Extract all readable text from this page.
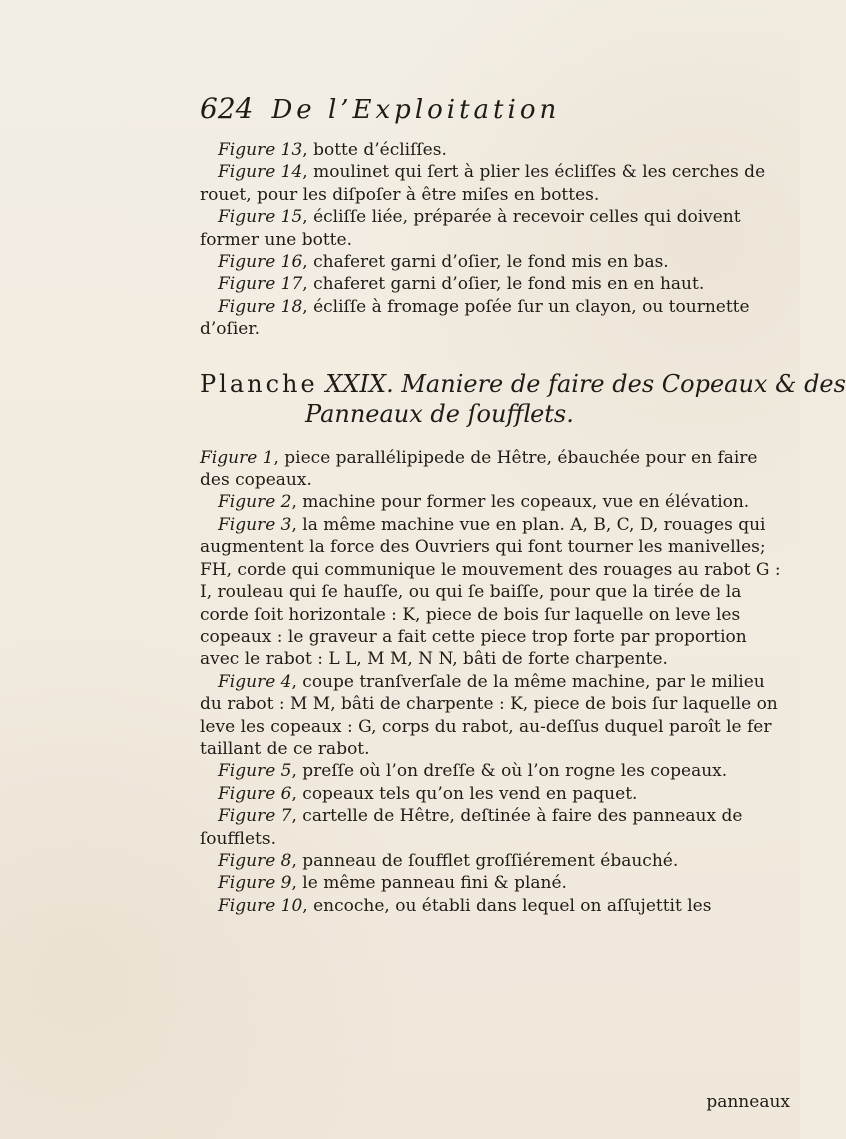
624 De l’Exploitation

Figure 13, botte d’écliſſes.

Figure 14, moulinet qui ſert à plier les écliſſes & les cerches de rouet, pour les diſpoſer à être miſes en bottes.

Figure 15, écliſſe liée, préparée à recevoir celles qui doivent former une botte.

Figure 16, chaferet garni d’oſier, le fond mis en bas.

Figure 17, chaferet garni d’oſier, le fond mis en en haut.

Figure 18, écliſſe à fromage poſée ſur un clayon, ou tournette d’oſier.

Planche XXIX. Maniere de faire des Copeaux & des
Panneaux de ſoufflets.

Figure 1, piece parallélipipede de Hêtre, ébauchée pour en faire des copeaux.

Figure 2, machine pour former les copeaux, vue en élévation.

Figure 3, la même machine vue en plan. A, B, C, D, rouages qui augmentent la force des Ouvriers qui font tourner les manivelles; FH, corde qui communique le mouvement des rouages au rabot G : I, rouleau qui ſe hauſſe, ou qui ſe baiſſe, pour que la tirée de la corde ſoit horizontale : K, piece de bois ſur laquelle on leve les copeaux : le graveur a fait cette piece trop forte par proportion avec le rabot : L L, M M, N N, bâti de forte charpente.

Figure 4, coupe tranſverſale de la même machine, par le milieu du rabot : M M, bâti de charpente : K, piece de bois ſur laquelle on leve les copeaux : G, corps du rabot, au-deſſus duquel paroît le fer taillant de ce rabot.

Figure 5, preſſe où l’on dreſſe & où l’on rogne les copeaux.

Figure 6, copeaux tels qu’on les vend en paquet.

Figure 7, cartelle de Hêtre, deſtinée à faire des panneaux de ſoufflets.

Figure 8, panneau de ſoufflet groſſiérement ébauché.

Figure 9, le même panneau fini & plané.

Figure 10, encoche, ou établi dans lequel on aſſujettit les

panneaux
